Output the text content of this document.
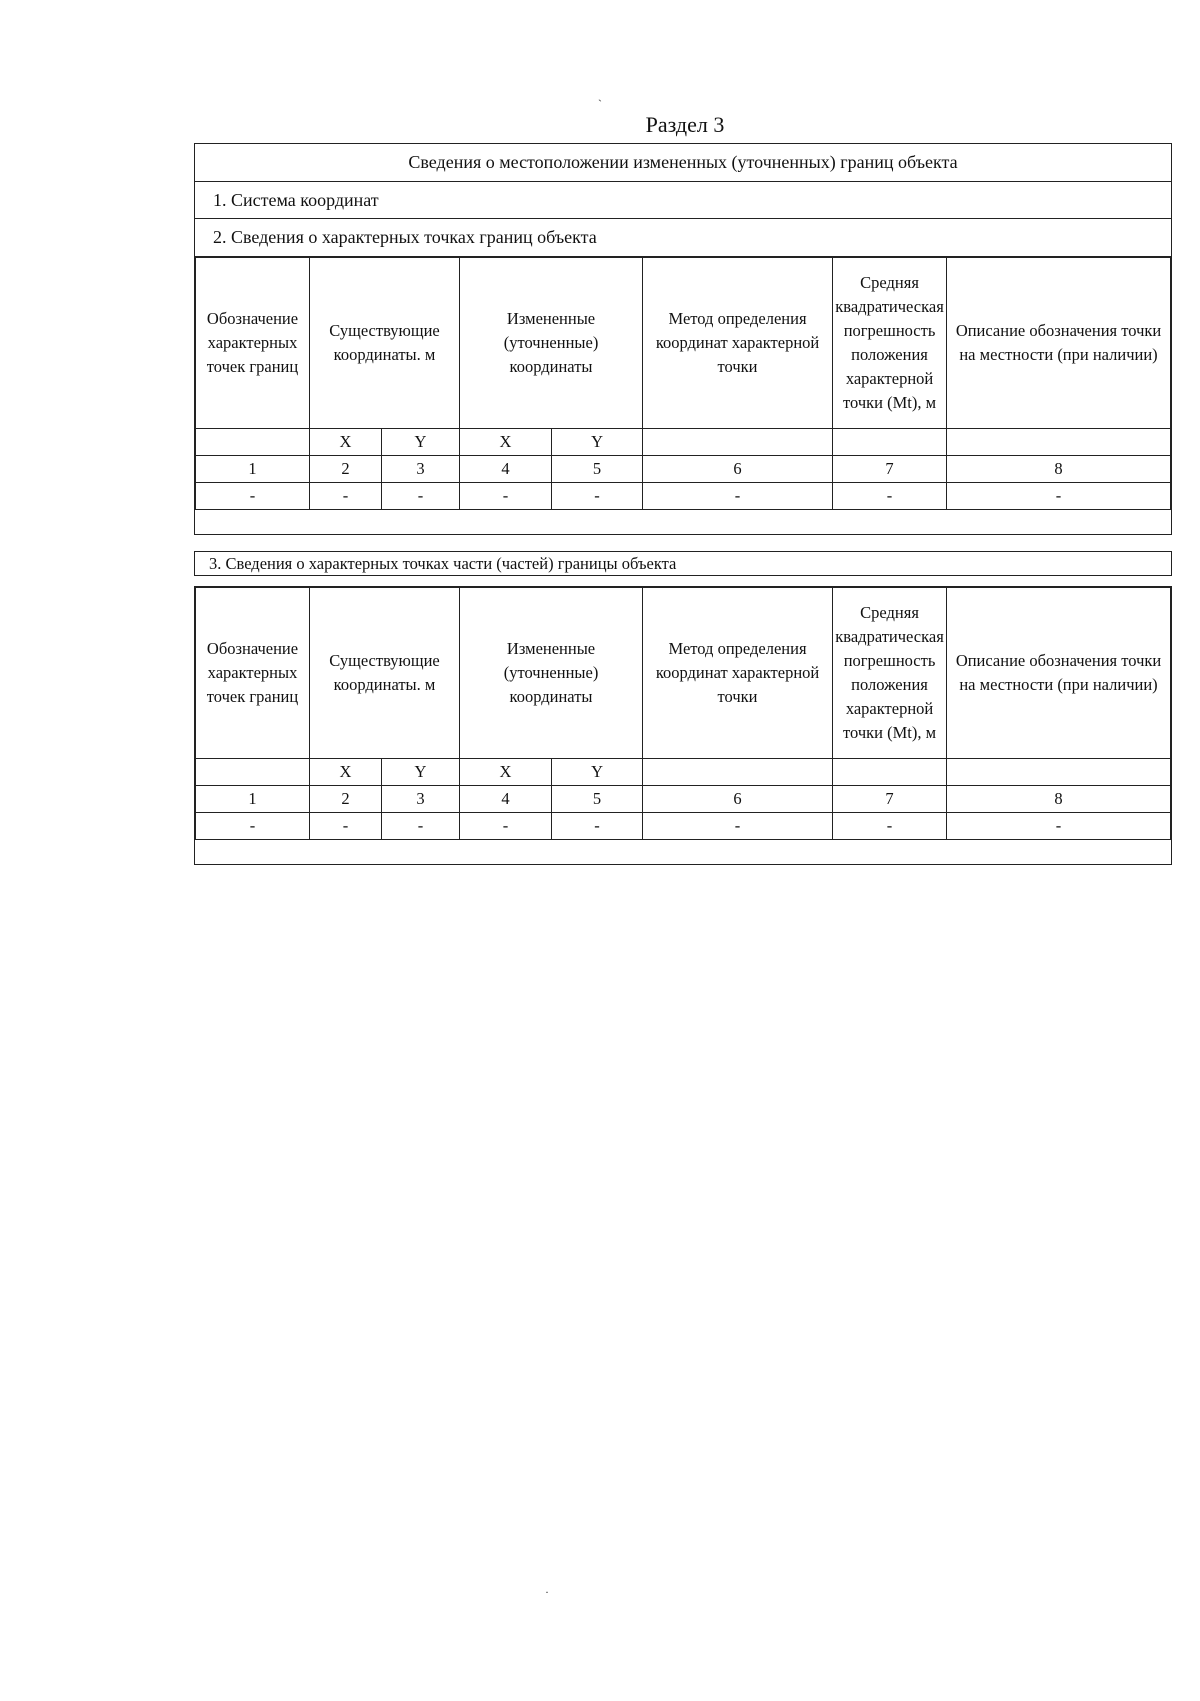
Раздел 3
Сведения о местоположении измененных (уточненных) границ объекта
1. Система координат
2. Сведения о характерных точках границ объекта
Обозначение характерных точек границ	Существующие координаты. м		Измененные (уточненные) координаты		Метод определения координат характерной точки	Средняя квадратическая погрешность положения характерной точки (Mt), м	Описание обозначения точки на местности (при наличии)
	X	Y	X	Y			
1	2	3	4	5	6	7	8
-	-	-	-	-	-	-	-
3. Сведения о характерных точках части (частей) границы объекта
Обозначение характерных точек границ	Существующие координаты. м		Измененные (уточненные) координаты		Метод определения координат характерной точки	Средняя квадратическая погрешность положения характерной точки (Mt), м	Описание обозначения точки на местности (при наличии)
	X	Y	X	Y			
1	2	3	4	5	6	7	8
-	-	-	-	-	-	-	-
ˏ
·
